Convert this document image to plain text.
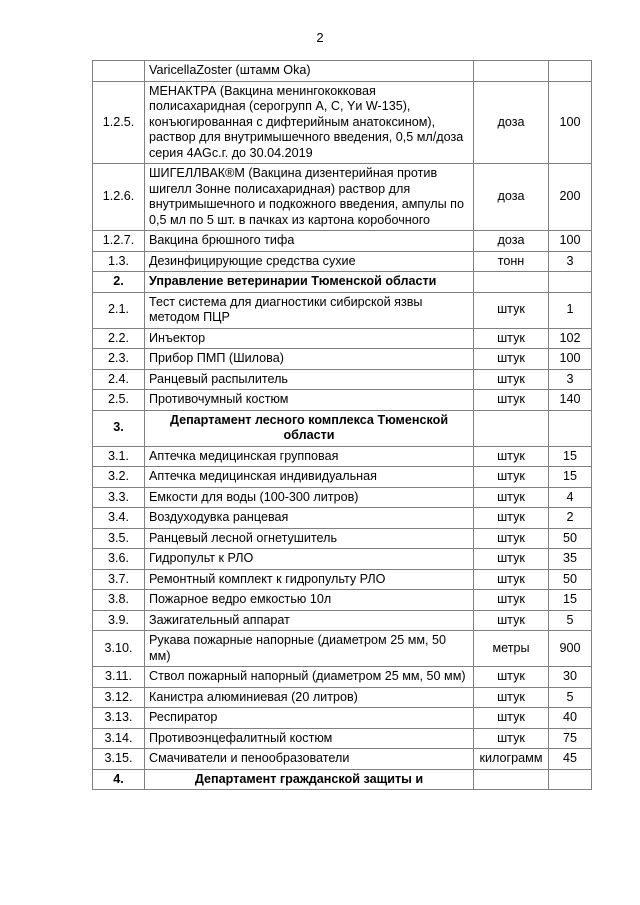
2
	VaricellaZoster (штамм Oka)		
1.2.5.	МЕНАКТРА (Вакцина менингококковая полисахаридная (серогрупп А, С, Yи W-135), конъюгированная с дифтерийным анатоксином), раствор для внутримышечного введения, 0,5 мл/доза серия 4AGc.г. до 30.04.2019	доза	100
1.2.6.	ШИГЕЛЛВАК®М (Вакцина дизентерийная против шигелл Зонне полисахаридная) раствор для внутримышечного и подкожного введения, ампулы по 0,5 мл по 5 шт. в пачках из картона коробочного	доза	200
1.2.7.	Вакцина брюшного тифа	доза	100
1.3.	Дезинфицирующие средства сухие	тонн	3
2.	Управление ветеринарии Тюменской области		
2.1.	Тест система для диагностики сибирской язвы методом ПЦР	штук	1
2.2.	Инъектор	штук	102
2.3.	Прибор ПМП (Шилова)	штук	100
2.4.	Ранцевый распылитель	штук	3
2.5.	Противочумный костюм	штук	140
3.	Департамент лесного комплекса Тюменской области		
3.1.	Аптечка медицинская групповая	штук	15
3.2.	Аптечка медицинская индивидуальная	штук	15
3.3.	Емкости для воды (100-300 литров)	штук	4
3.4.	Воздуходувка ранцевая	штук	2
3.5.	Ранцевый лесной огнетушитель	штук	50
3.6.	Гидропульт к РЛО	штук	35
3.7.	Ремонтный комплект к гидропульту РЛО	штук	50
3.8.	Пожарное ведро емкостью 10л	штук	15
3.9.	Зажигательный аппарат	штук	5
3.10.	Рукава пожарные напорные (диаметром 25 мм, 50 мм)	метры	900
3.11.	Ствол пожарный напорный (диаметром 25 мм, 50 мм)	штук	30
3.12.	Канистра алюминиевая (20 литров)	штук	5
3.13.	Респиратор	штук	40
3.14.	Противоэнцефалитный костюм	штук	75
3.15.	Смачиватели и пенообразователи	килограмм	45
4.	Департамент гражданской защиты и		
